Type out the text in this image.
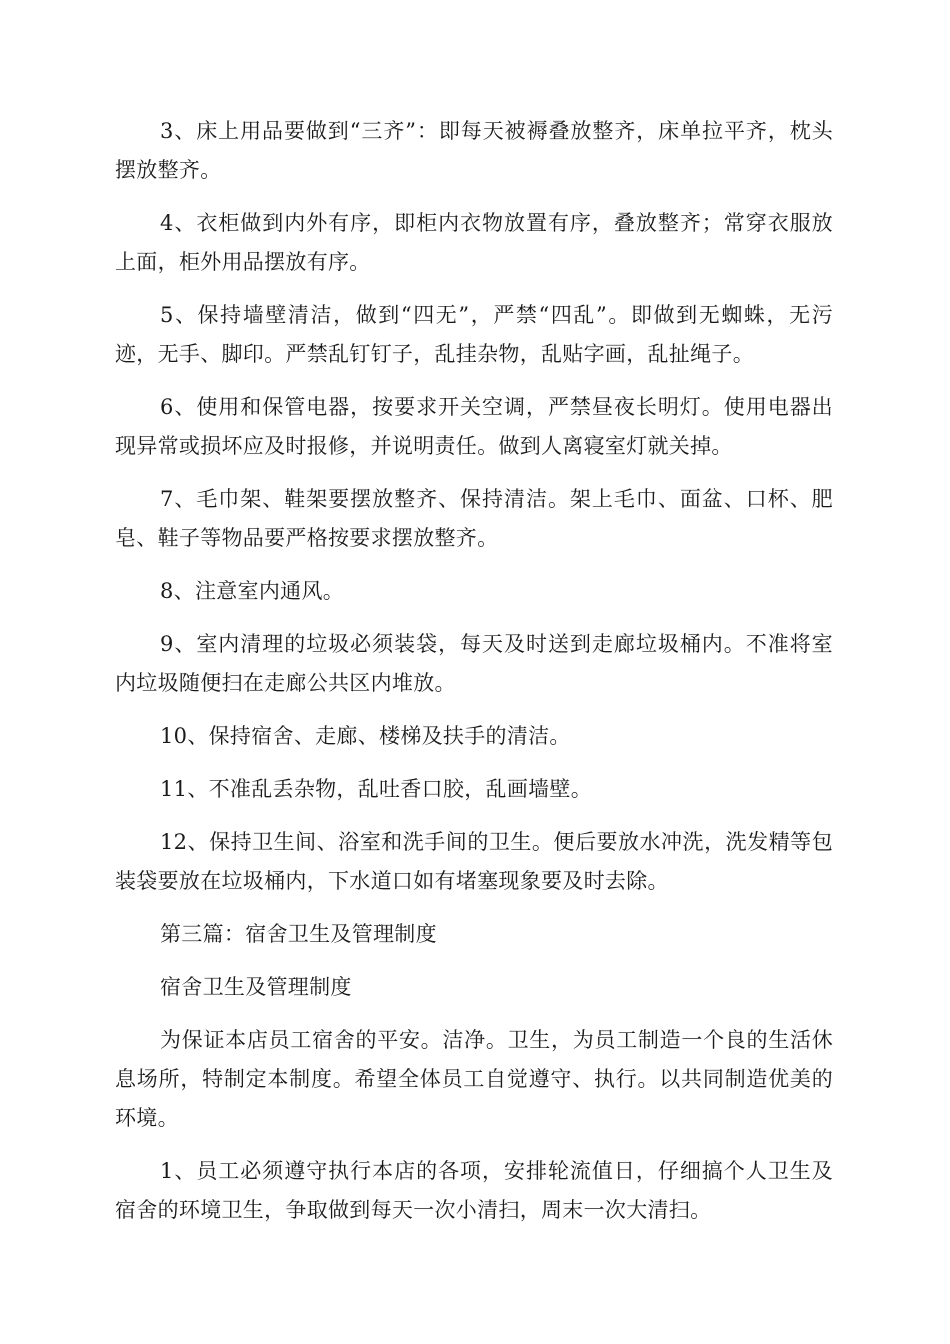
3、床上用品要做到“三齐”：即每天被褥叠放整齐，床单拉平齐，枕头摆放整齐。

4、衣柜做到内外有序，即柜内衣物放置有序，叠放整齐；常穿衣服放上面，柜外用品摆放有序。

5、保持墙壁清洁，做到“四无”，严禁“四乱”。即做到无蜘蛛，无污迹，无手、脚印。严禁乱钉钉子，乱挂杂物，乱贴字画，乱扯绳子。

6、使用和保管电器，按要求开关空调，严禁昼夜长明灯。使用电器出现异常或损坏应及时报修，并说明责任。做到人离寝室灯就关掉。

7、毛巾架、鞋架要摆放整齐、保持清洁。架上毛巾、面盆、口杯、肥皂、鞋子等物品要严格按要求摆放整齐。

8、注意室内通风。

9、室内清理的垃圾必须装袋，每天及时送到走廊垃圾桶内。不准将室内垃圾随便扫在走廊公共区内堆放。

10、保持宿舍、走廊、楼梯及扶手的清洁。

11、不准乱丢杂物，乱吐香口胶，乱画墙壁。

12、保持卫生间、浴室和洗手间的卫生。便后要放水冲洗，洗发精等包装袋要放在垃圾桶内，下水道口如有堵塞现象要及时去除。

第三篇：宿舍卫生及管理制度

宿舍卫生及管理制度

为保证本店员工宿舍的平安。洁净。卫生，为员工制造一个良的生活休息场所，特制定本制度。希望全体员工自觉遵守、执行。以共同制造优美的环境。

1、员工必须遵守执行本店的各项，安排轮流值日，仔细搞个人卫生及宿舍的环境卫生，争取做到每天一次小清扫，周末一次大清扫。
